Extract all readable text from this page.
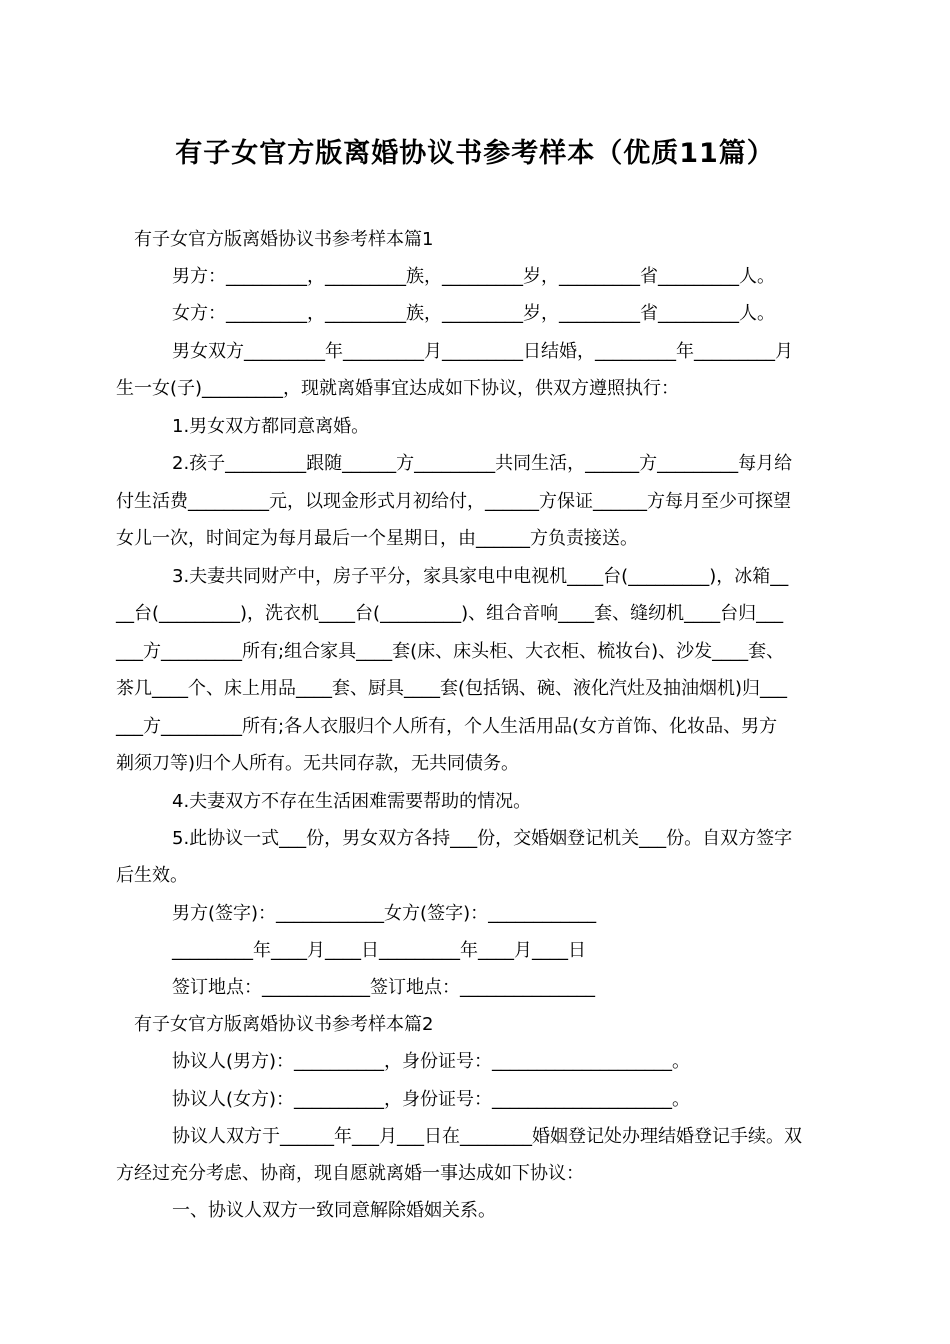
有子女官方版离婚协议书参考样本（优质11篇）
有子女官方版离婚协议书参考样本篇1
男方：_________，_________族，_________岁，_________省_________人。
女方：_________，_________族，_________岁，_________省_________人。
男女双方_________年_________月_________日结婚，_________年_________月
生一女(子)_________，现就离婚事宜达成如下协议，供双方遵照执行：
1.男女双方都同意离婚。
2.孩子_________跟随______方_________共同生活，______方_________每月给
付生活费_________元，以现金形式月初给付，______方保证______方每月至少可探望
女儿一次，时间定为每月最后一个星期日，由______方负责接送。
3.夫妻共同财产中，房子平分，家具家电中电视机____台(_________)，冰箱__
__台(_________)，洗衣机____台(_________)、组合音响____套、缝纫机____台归___
___方_________所有;组合家具____套(床、床头柜、大衣柜、梳妆台)、沙发____套、
茶几____个、床上用品____套、厨具____套(包括锅、碗、液化汽灶及抽油烟机)归___
___方_________所有;各人衣服归个人所有，个人生活用品(女方首饰、化妆品、男方
剃须刀等)归个人所有。无共同存款，无共同债务。
4.夫妻双方不存在生活困难需要帮助的情况。
5.此协议一式___份，男女双方各持___份，交婚姻登记机关___份。自双方签字
后生效。
男方(签字)：____________女方(签字)：____________
_________年____月____日_________年____月____日
签订地点：____________签订地点：_______________
有子女官方版离婚协议书参考样本篇2
协议人(男方)：__________，身份证号：____________________。
协议人(女方)：__________，身份证号：____________________。
协议人双方于______年___月___日在________婚姻登记处办理结婚登记手续。双
方经过充分考虑、协商，现自愿就离婚一事达成如下协议：
一、协议人双方一致同意解除婚姻关系。
